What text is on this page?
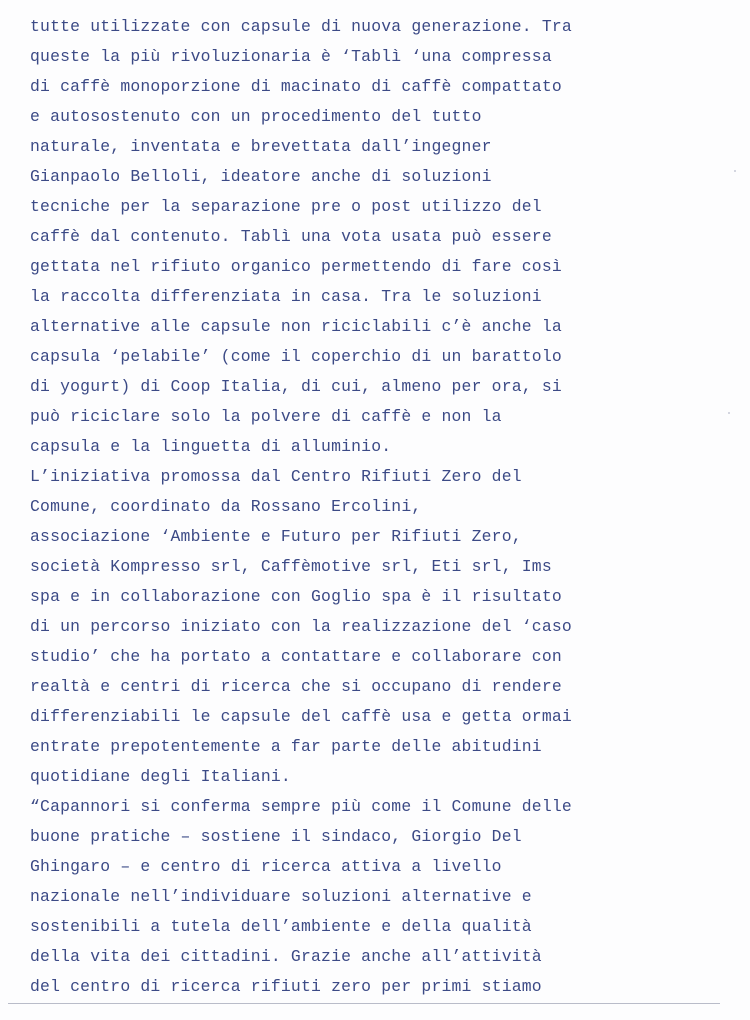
tutte utilizzate con capsule di nuova generazione. Tra
queste la più rivoluzionaria è ‘Tablì ‘una compressa
di caffè monoporzione di macinato di caffè compattato
e autosostenuto con un procedimento del tutto
naturale, inventata e brevettata dall’ingegner
Gianpaolo Belloli, ideatore anche di soluzioni
tecniche per la separazione pre o post utilizzo del
caffè dal contenuto. Tablì una vota usata può essere
gettata nel rifiuto organico permettendo di fare così
la raccolta differenziata in casa. Tra le soluzioni
alternative alle capsule non riciclabili c’è anche la
capsula ‘pelabile’ (come il coperchio di un barattolo
di yogurt) di Coop Italia, di cui, almeno per ora, si
può riciclare solo la polvere di caffè e non la
capsula e la linguetta di alluminio.
L’iniziativa promossa dal Centro Rifiuti Zero del
Comune, coordinato da Rossano Ercolini,
associazione ‘Ambiente e Futuro per Rifiuti Zero,
società Kompresso srl, Caffèmotive srl, Eti srl, Ims
spa e in collaborazione con Goglio spa è il risultato
di un percorso iniziato con la realizzazione del ‘caso
studio’ che ha portato a contattare e collaborare con
realtà e centri di ricerca che si occupano di rendere
differenziabili le capsule del caffè usa e getta ormai
entrate prepotentemente a far parte delle abitudini
quotidiane degli Italiani.
“Capannori si conferma sempre più come il Comune delle
buone pratiche – sostiene il sindaco, Giorgio Del
Ghingaro – e centro di ricerca attiva a livello
nazionale nell’individuare soluzioni alternative e
sostenibili a tutela dell’ambiente e della qualità
della vita dei cittadini. Grazie anche all’attività
del centro di ricerca rifiuti zero per primi stiamo
